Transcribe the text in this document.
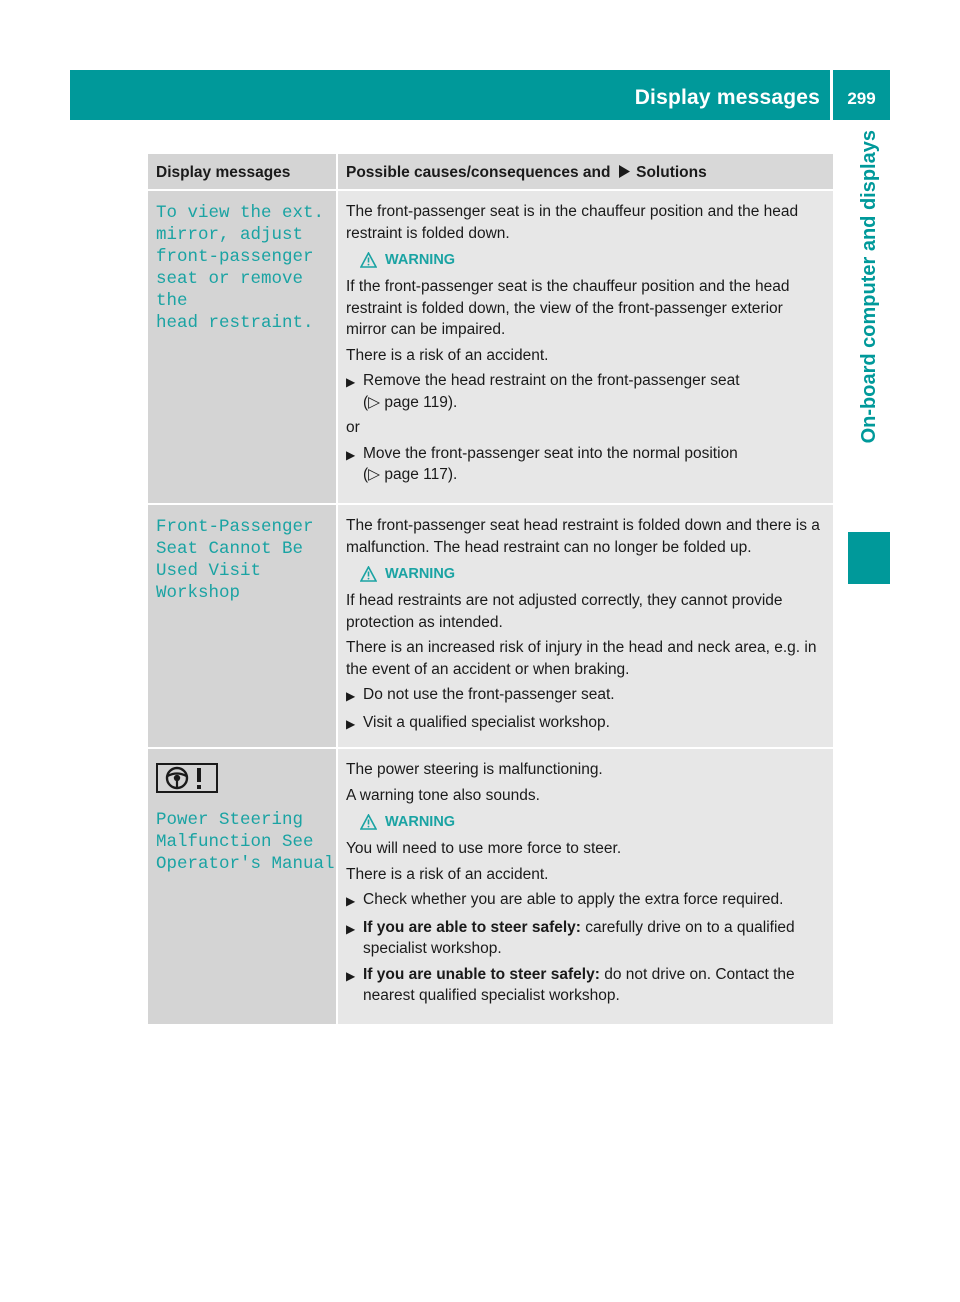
Display messages	299
On-board computer and displays
Display messages	Possible causes/consequences and Solutions
To view the ext.
mirror, adjust
front-passenger
seat or remove the
head restraint.

The front-passenger seat is in the chauffeur position and the head restraint is folded down.

WARNING

If the front-passenger seat is the chauffeur position and the head restraint is folded down, the view of the front-passenger exterior mirror can be impaired.

There is a risk of an accident.

▶ Remove the head restraint on the front-passenger seat
(▷ page 119).

or

▶ Move the front-passenger seat into the normal position
(▷ page 117).
Front-Passenger
Seat Cannot Be
Used Visit Workshop

The front-passenger seat head restraint is folded down and there is a malfunction. The head restraint can no longer be folded up.

WARNING

If head restraints are not adjusted correctly, they cannot provide protection as intended.

There is an increased risk of injury in the head and neck area, e.g. in the event of an accident or when braking.

▶ Do not use the front-passenger seat.
▶ Visit a qualified specialist workshop.
Power Steering
Malfunction See
Operator's Manual

The power steering is malfunctioning.

A warning tone also sounds.

WARNING

You will need to use more force to steer.

There is a risk of an accident.

▶ Check whether you are able to apply the extra force required.
▶ If you are able to steer safely: carefully drive on to a qualified specialist workshop.
▶ If you are unable to steer safely: do not drive on. Contact the nearest qualified specialist workshop.
